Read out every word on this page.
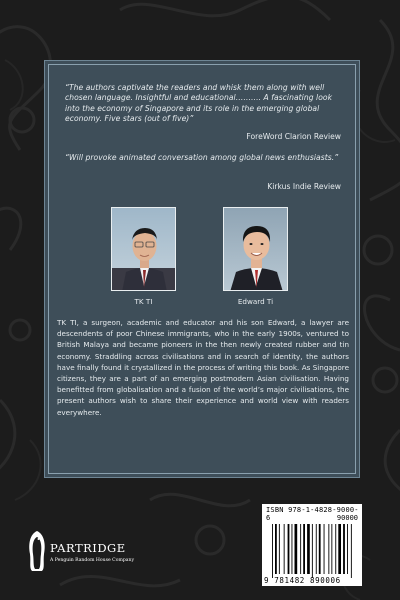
“The authors captivate the readers and whisk them along with well chosen language. Insightful and educational………. A fascinating look into the economy of Singapore and its role in the emerging global economy. Five stars (out of five)”
ForeWord Clarion Review
“Will provoke animated conversation among global news enthusiasts.”
Kirkus Indie Review
TK TI	Edward Ti
TK TI, a surgeon, academic and educator and his son Edward, a lawyer are descendents of poor Chinese immigrants, who in the early 1900s, ventured to British Malaya and became pioneers in the then newly created rubber and tin economy. Straddling across civilisations and in search of identity, the authors have finally found it crystallized in the process of writing this book. As Singapore citizens, they are a part of an emerging postmodern Asian civilisation. Having benefitted from globalisation and a fusion of the world’s major civilisations, the present authors wish to share their experience and world view with readers everywhere.
PARTRIDGE
A Penguin Random House Company
ISBN 978-1-4828-9000-6	90000
9 781482 890006
